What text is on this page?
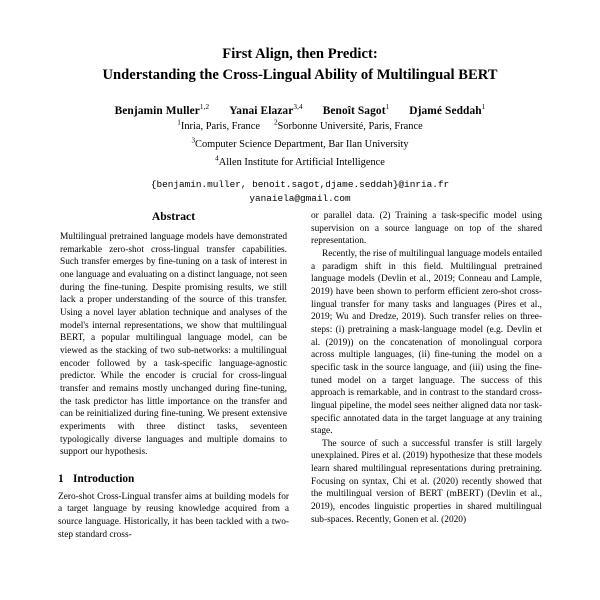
First Align, then Predict:
Understanding the Cross-Lingual Ability of Multilingual BERT
Benjamin Muller$^{1,2}$ Yanai Elazar$^{3,4}$ Benoît Sagot$^1$ Djamé Seddah$^1$
$^1$Inria, Paris, France $^2$Sorbonne Université, Paris, France
$^3$Computer Science Department, Bar Ilan University
$^4$Allen Institute for Artificial Intelligence
{benjamin.muller, benoit.sagot,djame.seddah}@inria.fr
yanaiela@gmail.com
Abstract

Multilingual pretrained language models have demonstrated remarkable zero-shot cross-lingual transfer capabilities. Such transfer emerges by fine-tuning on a task of interest in one language and evaluating on a distinct language, not seen during the fine-tuning. Despite promising results, we still lack a proper understanding of the source of this transfer. Using a novel layer ablation technique and analyses of the model's internal representations, we show that multilingual BERT, a popular multilingual language model, can be viewed as the stacking of two sub-networks: a multilingual encoder followed by a task-specific language-agnostic predictor. While the encoder is crucial for cross-lingual transfer and remains mostly unchanged during fine-tuning, the task predictor has little importance on the transfer and can be reinitialized during fine-tuning. We present extensive experiments with three distinct tasks, seventeen typologically diverse languages and multiple domains to support our hypothesis.

1 Introduction

Zero-shot Cross-Lingual transfer aims at building models for a target language by reusing knowledge acquired from a source language. Historically, it has been tackled with a two-step standard cross-

or parallel data. (2) Training a task-specific model using supervision on a source language on top of the shared representation.

Recently, the rise of multilingual language models entailed a paradigm shift in this field. Multilingual pretrained language models (Devlin et al., 2019; Conneau and Lample, 2019) have been shown to perform efficient zero-shot cross-lingual transfer for many tasks and languages (Pires et al., 2019; Wu and Dredze, 2019). Such transfer relies on three-steps: (i) pretraining a mask-language model (e.g. Devlin et al. (2019)) on the concatenation of monolingual corpora across multiple languages, (ii) fine-tuning the model on a specific task in the source language, and (iii) using the fine-tuned model on a target language. The success of this approach is remarkable, and in contrast to the standard cross-lingual pipeline, the model sees neither aligned data nor task-specific annotated data in the target language at any training stage.

The source of such a successful transfer is still largely unexplained. Pires et al. (2019) hypothesize that these models learn shared multilingual representations during pretraining. Focusing on syntax, Chi et al. (2020) recently showed that the multilingual version of BERT (mBERT) (Devlin et al., 2019), encodes linguistic properties in shared multilingual sub-spaces. Recently, Gonen et al. (2020)
